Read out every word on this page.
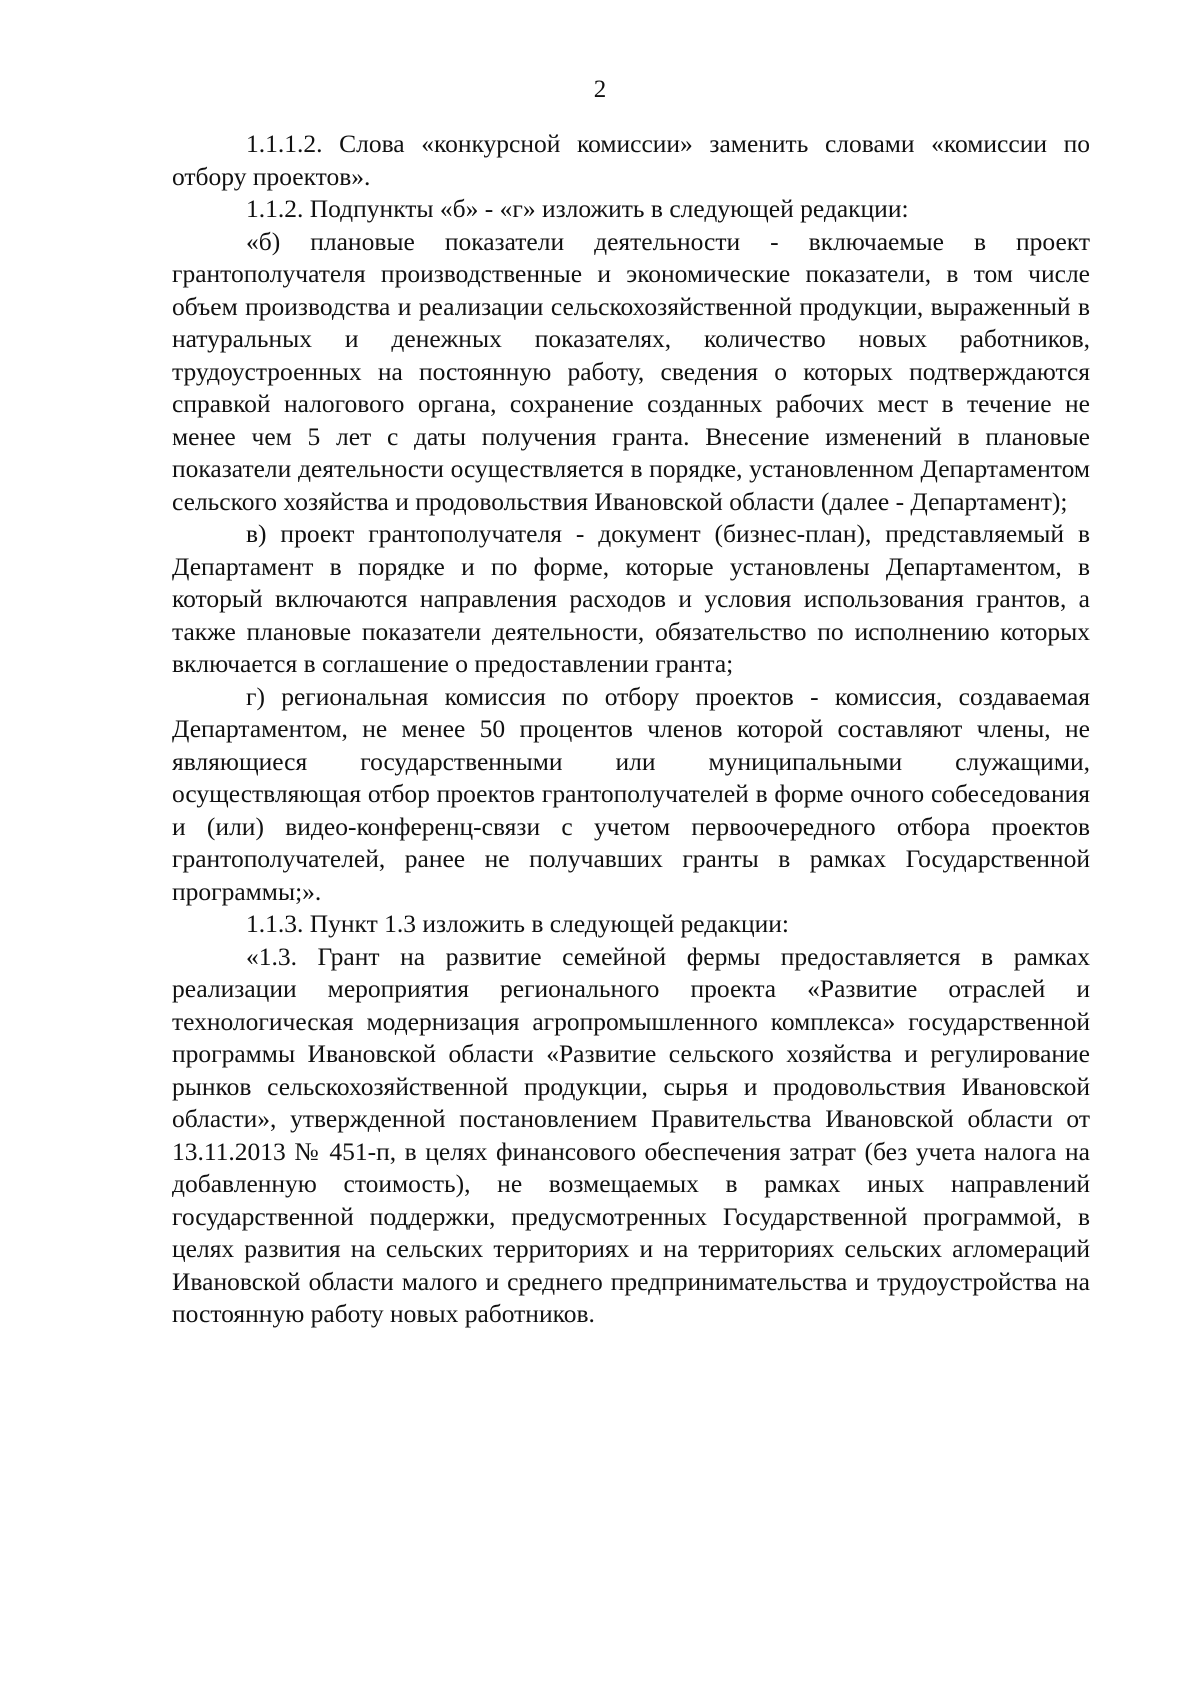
2

1.1.1.2. Слова «конкурсной комиссии» заменить словами «комиссии по отбору проектов».

1.1.2. Подпункты «б» - «г» изложить в следующей редакции:

«б) плановые показатели деятельности - включаемые в проект грантополучателя производственные и экономические показатели, в том числе объем производства и реализации сельскохозяйственной продукции, выраженный в натуральных и денежных показателях, количество новых работников, трудоустроенных на постоянную работу, сведения о которых подтверждаются справкой налогового органа, сохранение созданных рабочих мест в течение не менее чем 5 лет с даты получения гранта. Внесение изменений в плановые показатели деятельности осуществляется в порядке, установленном Департаментом сельского хозяйства и продовольствия Ивановской области (далее - Департамент);

в) проект грантополучателя - документ (бизнес-план), представляемый в Департамент в порядке и по форме, которые установлены Департаментом, в который включаются направления расходов и условия использования грантов, а также плановые показатели деятельности, обязательство по исполнению которых включается в соглашение о предоставлении гранта;

г) региональная комиссия по отбору проектов - комиссия, создаваемая Департаментом, не менее 50 процентов членов которой составляют члены, не являющиеся государственными или муниципальными служащими, осуществляющая отбор проектов грантополучателей в форме очного собеседования и (или) видео-конференц-связи с учетом первоочередного отбора проектов грантополучателей, ранее не получавших гранты в рамках Государственной программы;».

1.1.3. Пункт 1.3 изложить в следующей редакции:

«1.3. Грант на развитие семейной фермы предоставляется в рамках реализации мероприятия регионального проекта «Развитие отраслей и технологическая модернизация агропромышленного комплекса» государственной программы Ивановской области «Развитие сельского хозяйства и регулирование рынков сельскохозяйственной продукции, сырья и продовольствия Ивановской области», утвержденной постановлением Правительства Ивановской области от 13.11.2013 № 451-п, в целях финансового обеспечения затрат (без учета налога на добавленную стоимость), не возмещаемых в рамках иных направлений государственной поддержки, предусмотренных Государственной программой, в целях развития на сельских территориях и на территориях сельских агломераций Ивановской области малого и среднего предпринимательства и трудоустройства на постоянную работу новых работников.
